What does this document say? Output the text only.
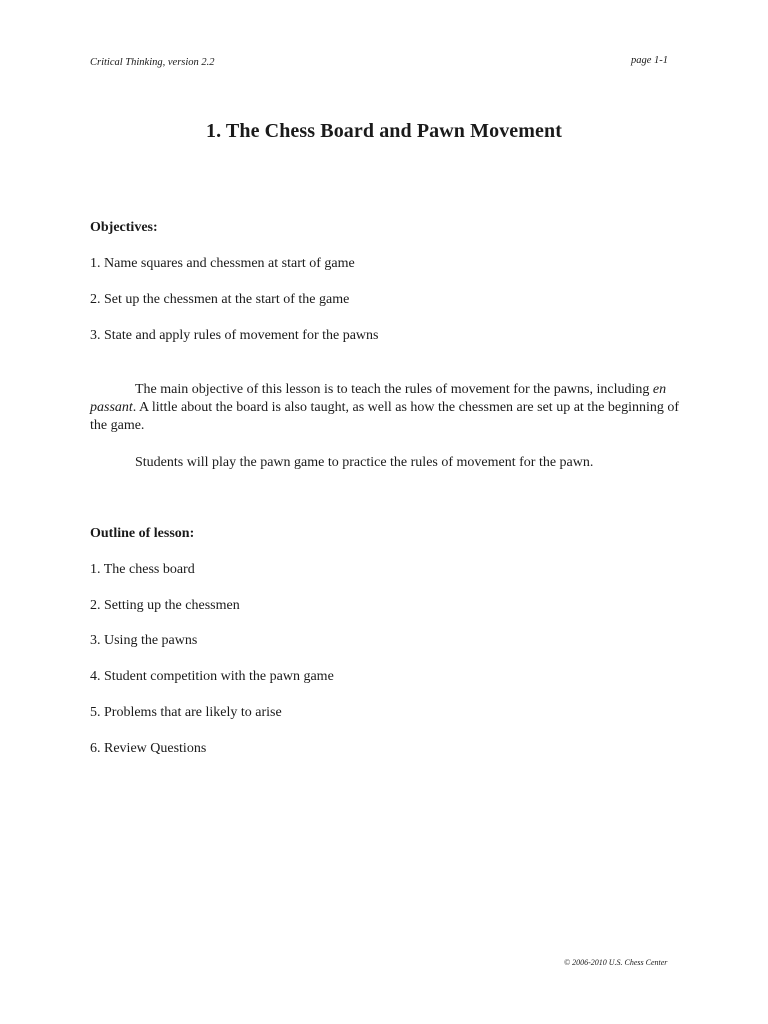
Critical Thinking, version 2.2	page 1-1
1. The Chess Board and Pawn Movement
Objectives:
1. Name squares and chessmen at start of game
2. Set up the chessmen at the start of the game
3. State and apply rules of movement for the pawns
The main objective of this lesson is to teach the rules of movement for the pawns, including en passant. A little about the board is also taught, as well as how the chessmen are set up at the beginning of the game.
Students will play the pawn game to practice the rules of movement for the pawn.
Outline of lesson:
1. The chess board
2. Setting up the chessmen
3. Using the pawns
4. Student competition with the pawn game
5. Problems that are likely to arise
6. Review Questions
© 2006-2010 U.S. Chess Center
